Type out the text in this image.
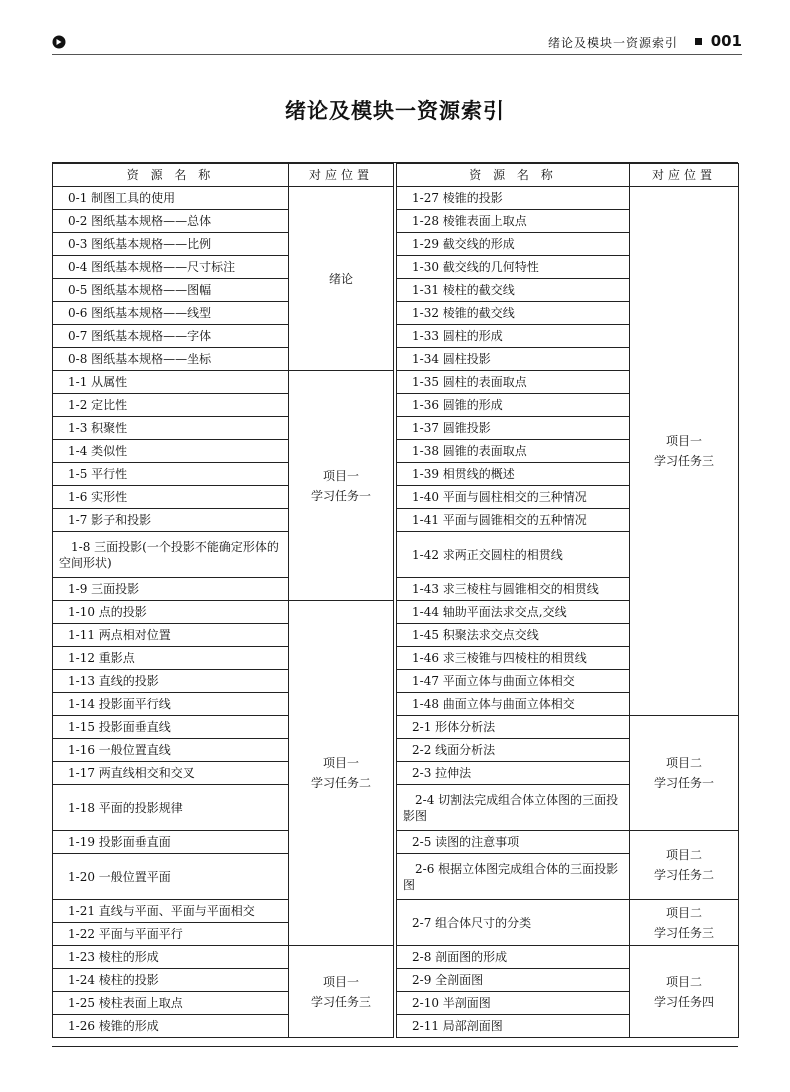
绪论及模块一资源索引 001
绪论及模块一资源索引
资 源 名 称	对应位置
0-1 制图工具的使用	绪论

0-2 图纸基本规格——总体	
0-3 图纸基本规格——比例	
0-4 图纸基本规格——尺寸标注	
0-5 图纸基本规格——图幅	
0-6 图纸基本规格——线型	
0-7 图纸基本规格——字体	
0-8 图纸基本规格——坐标	
1-1 从属性	项目一
学习任务一

1-2 定比性	
1-3 积聚性	
1-4 类似性	
1-5 平行性	
1-6 实形性	
1-7 影子和投影	
1-8 三面投影(一个投影不能确定形体的空间形状)	
1-9 三面投影	
1-10 点的投影	项目一
学习任务二

1-11 两点相对位置	
1-12 重影点	
1-13 直线的投影	
1-14 投影面平行线	
1-15 投影面垂直线	
1-16 一般位置直线	
1-17 两直线相交和交叉	
1-18 平面的投影规律	
1-19 投影面垂直面	
1-20 一般位置平面	
1-21 直线与平面、平面与平面相交	
1-22 平面与平面平行	
1-23 棱柱的形成	项目一
学习任务三

1-24 棱柱的投影	
1-25 棱柱表面上取点	
1-26 棱锥的形成	
资 源 名 称	对应位置
1-27 棱锥的投影	项目一
学习任务三

1-28 棱锥表面上取点	
1-29 截交线的形成	
1-30 截交线的几何特性	
1-31 棱柱的截交线	
1-32 棱锥的截交线	
1-33 圆柱的形成	
1-34 圆柱投影	
1-35 圆柱的表面取点	
1-36 圆锥的形成	
1-37 圆锥投影	
1-38 圆锥的表面取点	
1-39 相贯线的概述	
1-40 平面与圆柱相交的三种情况	
1-41 平面与圆锥相交的五种情况	
1-42 求两正交圆柱的相贯线	
1-43 求三棱柱与圆锥相交的相贯线	
1-44 轴助平面法求交点,交线	
1-45 积聚法求交点交线	
1-46 求三棱锥与四棱柱的相贯线	
1-47 平面立体与曲面立体相交	
1-48 曲面立体与曲面立体相交	
2-1 形体分析法	项目二
学习任务一

2-2 线面分析法	
2-3 拉伸法	
2-4 切割法完成组合体立体图的三面投影图	
2-5 读图的注意事项	项目二
学习任务二

2-6 根据立体图完成组合体的三面投影图	
2-7 组合体尺寸的分类	项目二
学习任务三

2-8 剖面图的形成	项目二
学习任务四

2-9 全剖面图	
2-10 半剖面图	
2-11 局部剖面图	
